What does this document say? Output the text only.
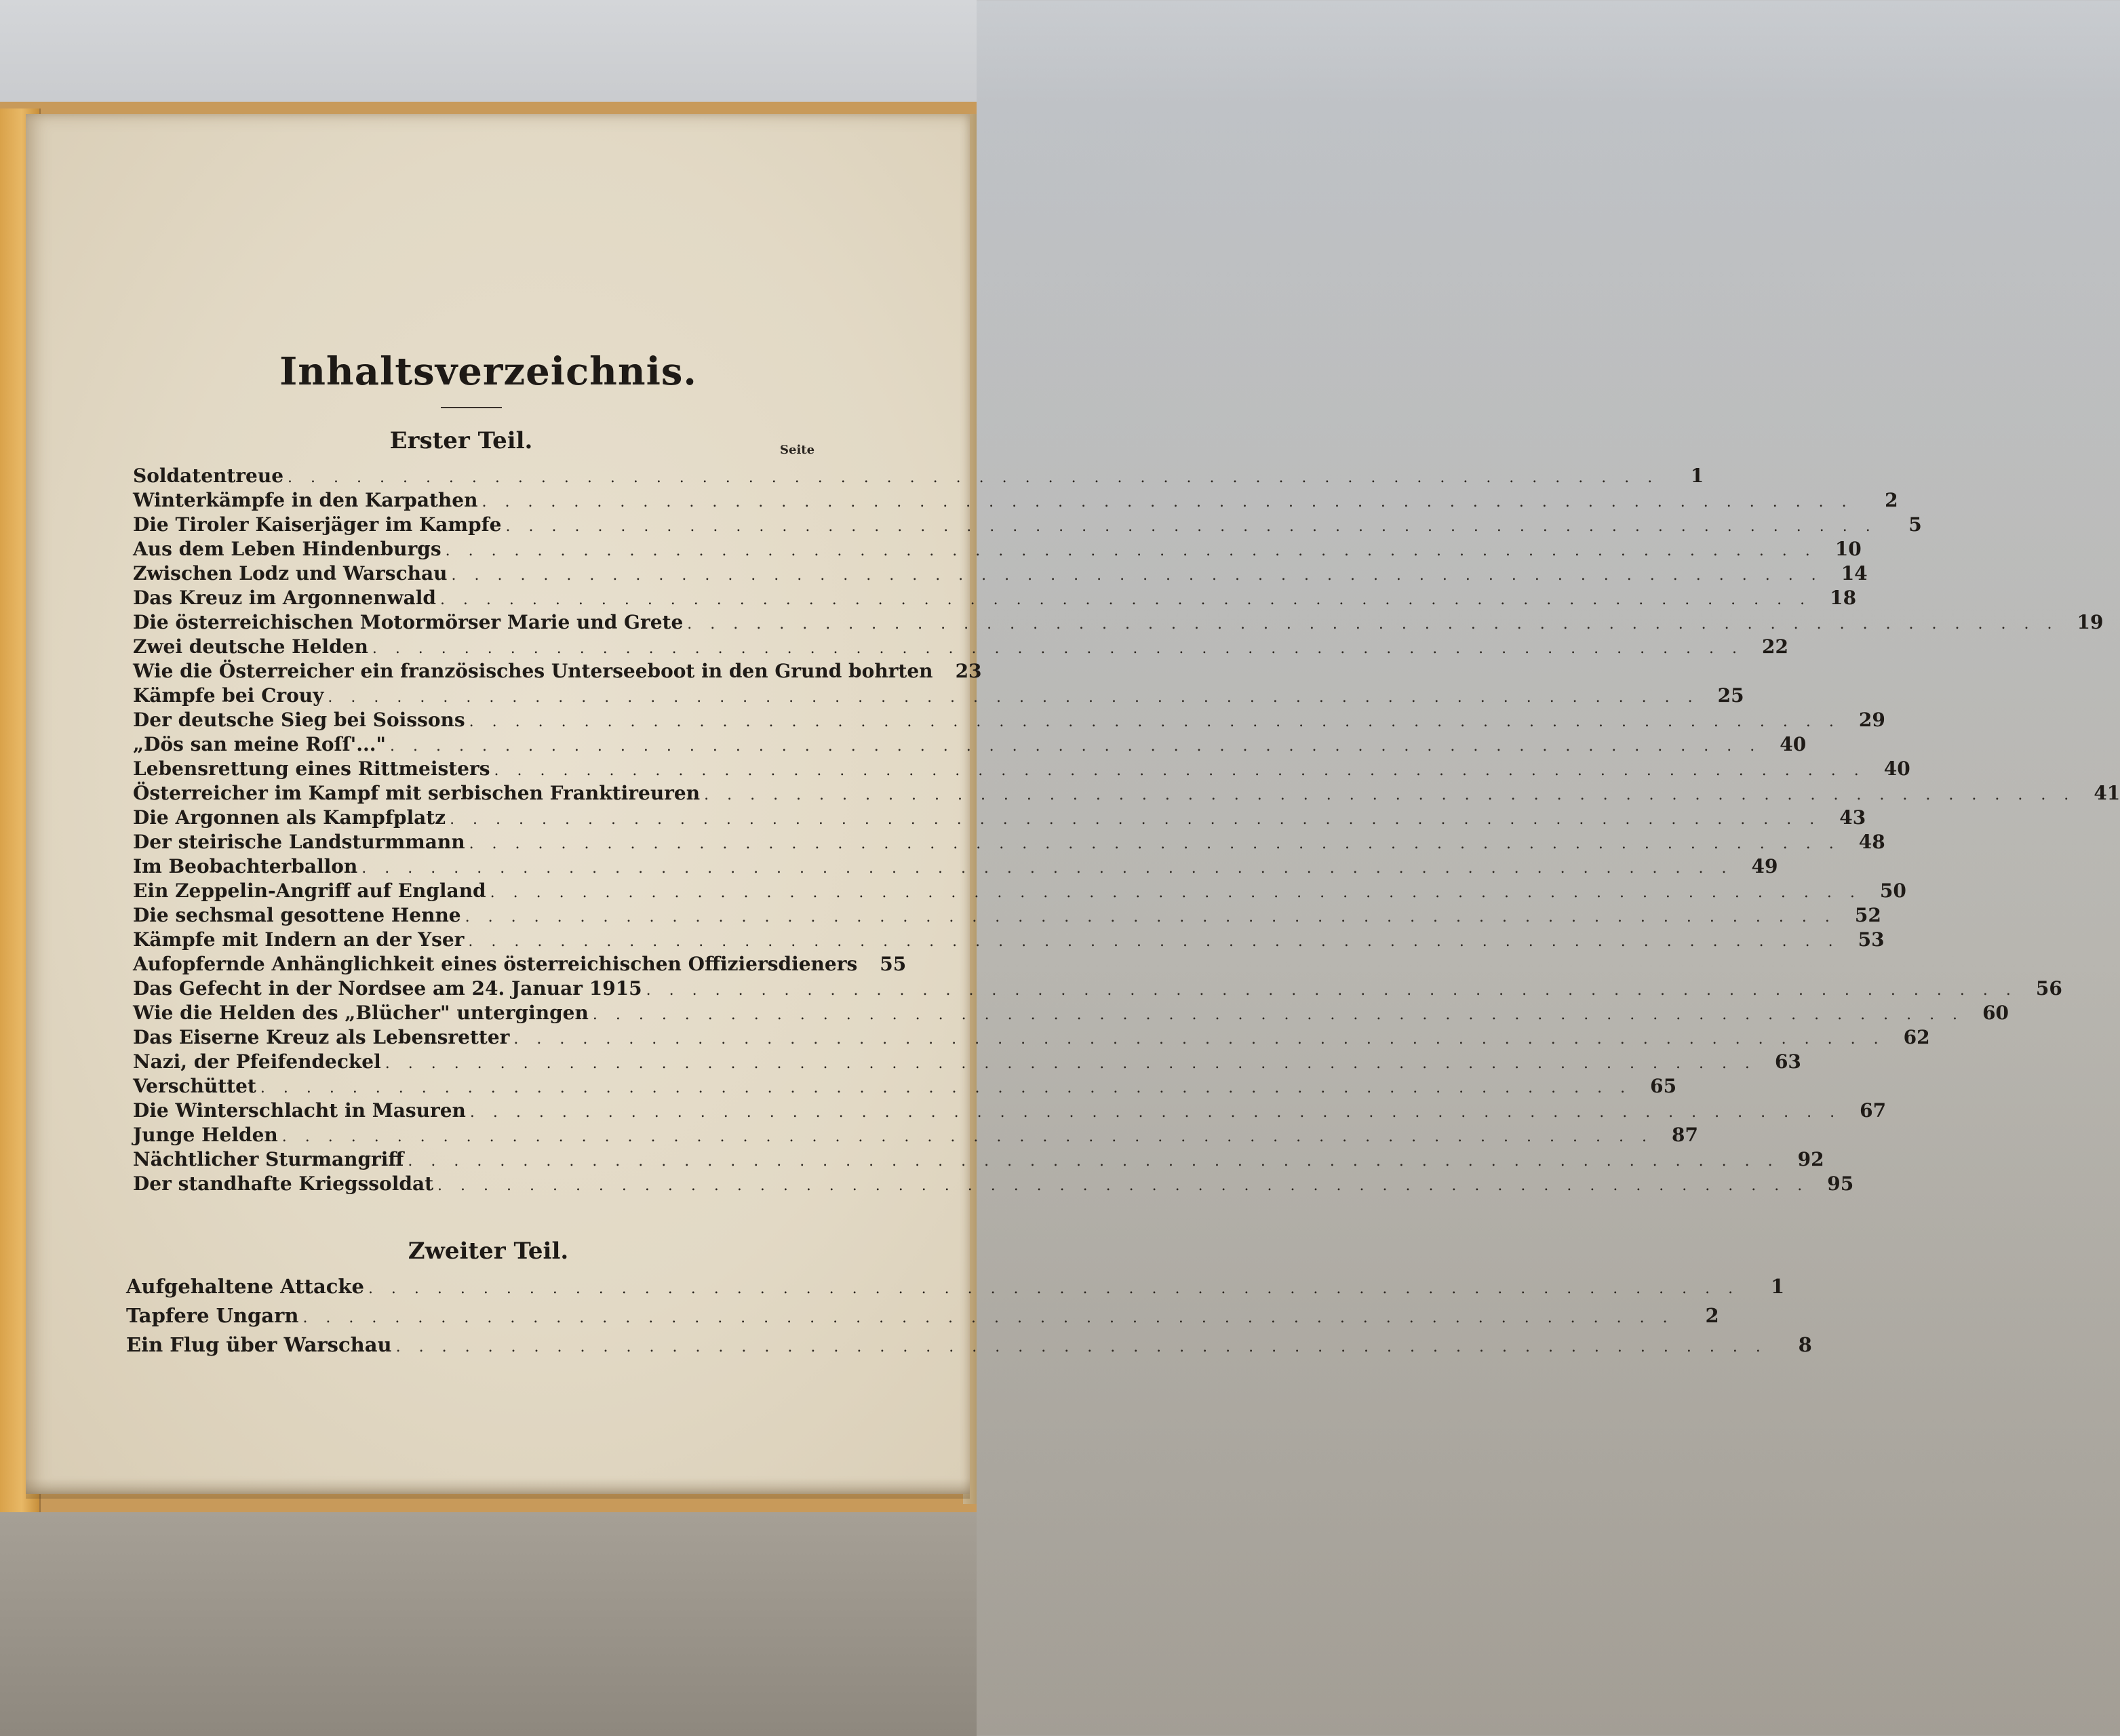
Inhaltsverzeichnis.
Erster Teil.	Seite
Soldatentreue . . .	1
Winterkämpfe in den Karpathen . . .	2
Die Tiroler Kaiserjäger im Kampfe . . .	5
Aus dem Leben Hindenburgs . . .	10
Zwischen Lodz und Warschau . . .	14
Das Kreuz im Argonnenwald . . .	18
Die österreichischen Motormörser Marie und Grete . . .	19
Zwei deutsche Helden . . .	22
Wie die Österreicher ein französisches Unterseeboot in den Grund bohrten	23
Kämpfe bei Crouy . . .	25
Der deutsche Sieg bei Soissons . . .	29
„Dös san meine Roſſ'..." . . .	40
Lebensrettung eines Rittmeisters . . .	40
Österreicher im Kampf mit serbischen Franktireuren . . .	41
Die Argonnen als Kampfplatz . . .	43
Der steirische Landsturmmann . . .	48
Im Beobachterballon . . .	49
Ein Zeppelin-Angriff auf England . . .	50
Die sechsmal gesottene Henne . . .	52
Kämpfe mit Indern an der Yser . . .	53
Aufopfernde Anhänglichkeit eines österreichischen Offiziersdieners	55
Das Gefecht in der Nordsee am 24. Januar 1915 . . .	56
Wie die Helden des „Blücher" untergingen . . .	60
Das Eiserne Kreuz als Lebensretter . . .	62
Nazi, der Pfeifendeckel . . .	63
Verschüttet . . .	65
Die Winterschlacht in Masuren . . .	67
Junge Helden . . .	87
Nächtlicher Sturmangriff . . .	92
Der standhafte Kriegssoldat . . .	95
Zweiter Teil.
Aufgehaltene Attacke . . .	1
Tapfere Ungarn . . .	2
Ein Flug über Warschau . . .	8
